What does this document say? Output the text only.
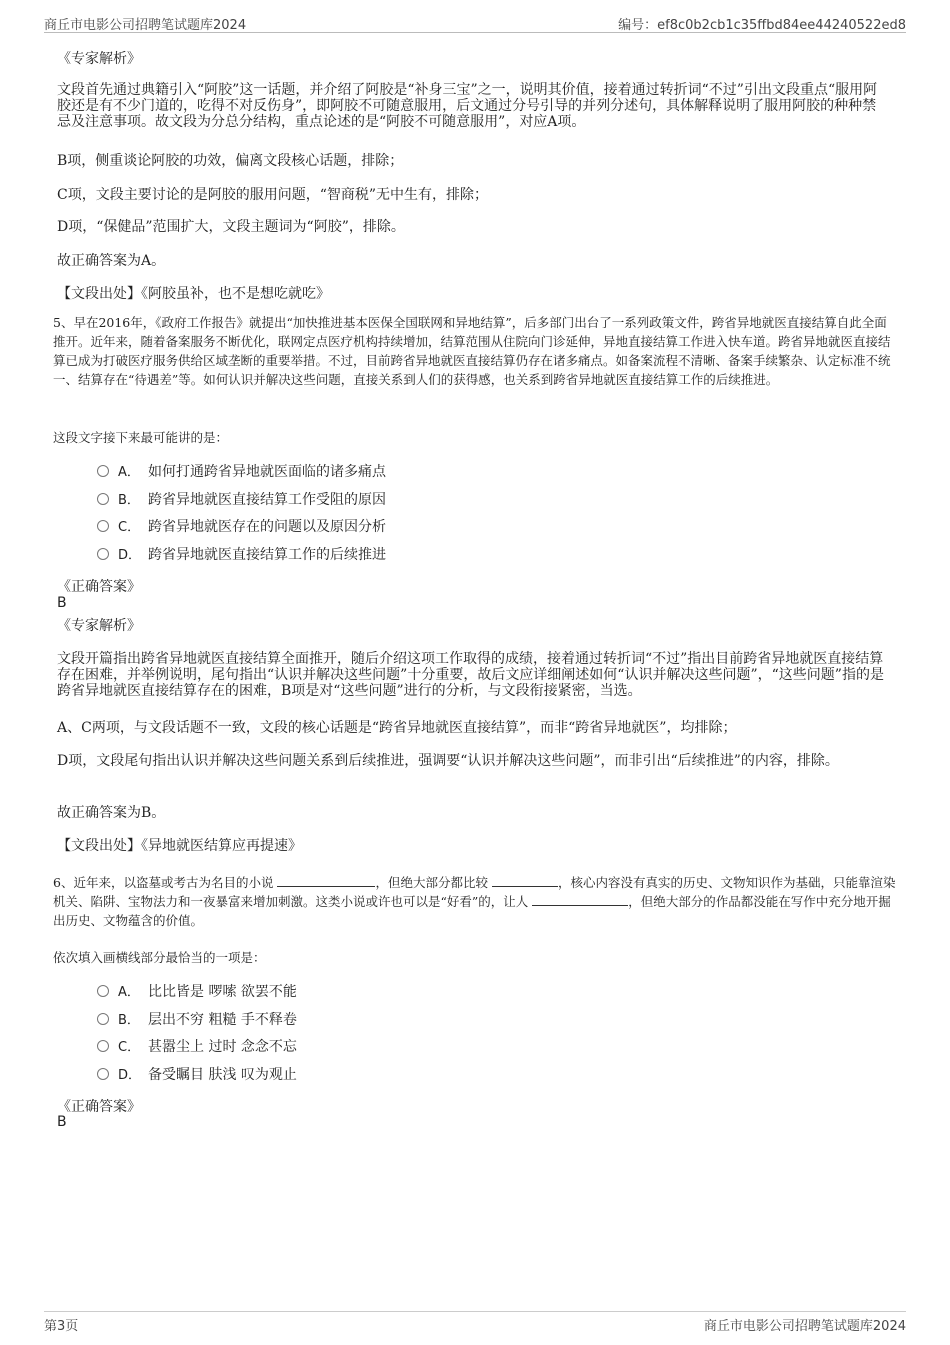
商丘市电影公司招聘笔试题库2024	编号：ef8c0b2cb1c35ffbd84ee44240522ed8
《专家解析》

文段首先通过典籍引入“阿胶”这一话题，并介绍了阿胶是“补身三宝”之一，说明其价值，接着通过转折词“不过”引出文段重点“服用阿胶还是有不少门道的，吃得不对反伤身”，即阿胶不可随意服用，后文通过分号引导的并列分述句，具体解释说明了服用阿胶的种种禁忌及注意事项。故文段为分总分结构，重点论述的是“阿胶不可随意服用”，对应A项。

B项，侧重谈论阿胶的功效，偏离文段核心话题，排除；

C项，文段主要讨论的是阿胶的服用问题，“智商税”无中生有，排除；

D项，“保健品”范围扩大，文段主题词为“阿胶”，排除。

故正确答案为A。

【文段出处】《阿胶虽补，也不是想吃就吃》

5、早在2016年，《政府工作报告》就提出“加快推进基本医保全国联网和异地结算”，后多部门出台了一系列政策文件，跨省异地就医直接结算自此全面推开。近年来，随着备案服务不断优化，联网定点医疗机构持续增加，结算范围从住院向门诊延伸，异地直接结算工作进入快车道。跨省异地就医直接结算已成为打破医疗服务供给区域垄断的重要举措。不过，目前跨省异地就医直接结算仍存在诸多痛点。如备案流程不清晰、备案手续繁杂、认定标准不统一、结算存在“待遇差”等。如何认识并解决这些问题，直接关系到人们的获得感，也关系到跨省异地就医直接结算工作的后续推进。

这段文字接下来最可能讲的是：
A． 如何打通跨省异地就医面临的诸多痛点
B． 跨省异地就医直接结算工作受阻的原因
C． 跨省异地就医存在的问题以及原因分析
D． 跨省异地就医直接结算工作的后续推进
《正确答案》
B
《专家解析》

文段开篇指出跨省异地就医直接结算全面推开，随后介绍这项工作取得的成绩，接着通过转折词“不过”指出目前跨省异地就医直接结算存在困难，并举例说明，尾句指出“认识并解决这些问题”十分重要，故后文应详细阐述如何“认识并解决这些问题”，“这些问题”指的是跨省异地就医直接结算存在的困难，B项是对“这些问题”进行的分析，与文段衔接紧密，当选。

A、C两项，与文段话题不一致，文段的核心话题是“跨省异地就医直接结算”，而非“跨省异地就医”，均排除；

D项，文段尾句指出认识并解决这些问题关系到后续推进，强调要“认识并解决这些问题”，而非引出“后续推进”的内容，排除。

故正确答案为B。

【文段出处】《异地就医结算应再提速》

6、近年来，以盗墓或考古为名目的小说	，但绝大部分都比较	，核心内容没有真实的历史、文物知识作为基础，只能靠渲染机关、陷阱、宝物法力和一夜暴富来增加刺激。这类小说或许也可以是“好看”的，让人	，但绝大部分的作品都没能在写作中充分地开掘出历史、文物蕴含的价值。

依次填入画横线部分最恰当的一项是：
A． 比比皆是 啰嗦 欲罢不能
B． 层出不穷 粗糙 手不释卷
C． 甚嚣尘上 过时 念念不忘
D． 备受瞩目 肤浅 叹为观止
《正确答案》
B
第3页	商丘市电影公司招聘笔试题库2024
